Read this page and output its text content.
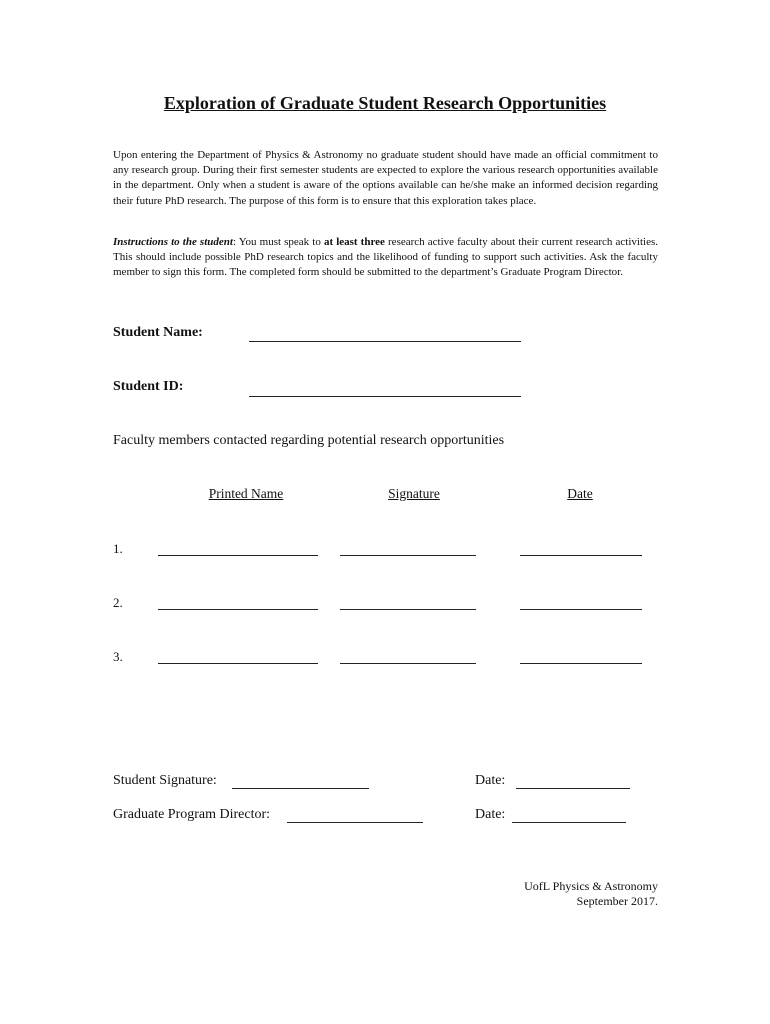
Exploration of Graduate Student Research Opportunities
Upon entering the Department of Physics & Astronomy no graduate student should have made an official commitment to any research group. During their first semester students are expected to explore the various research opportunities available in the department. Only when a student is aware of the options available can he/she make an informed decision regarding their future PhD research. The purpose of this form is to ensure that this exploration takes place.
Instructions to the student: You must speak to at least three research active faculty about their current research activities. This should include possible PhD research topics and the likelihood of funding to support such activities. Ask the faculty member to sign this form. The completed form should be submitted to the department’s Graduate Program Director.
Student Name:
Student ID:
Faculty members contacted regarding potential research opportunities
Printed Name	Signature	Date
1.
2.
3.
Student Signature:	Date:
Graduate Program Director:	Date:
UofL Physics & Astronomy
September 2017.
